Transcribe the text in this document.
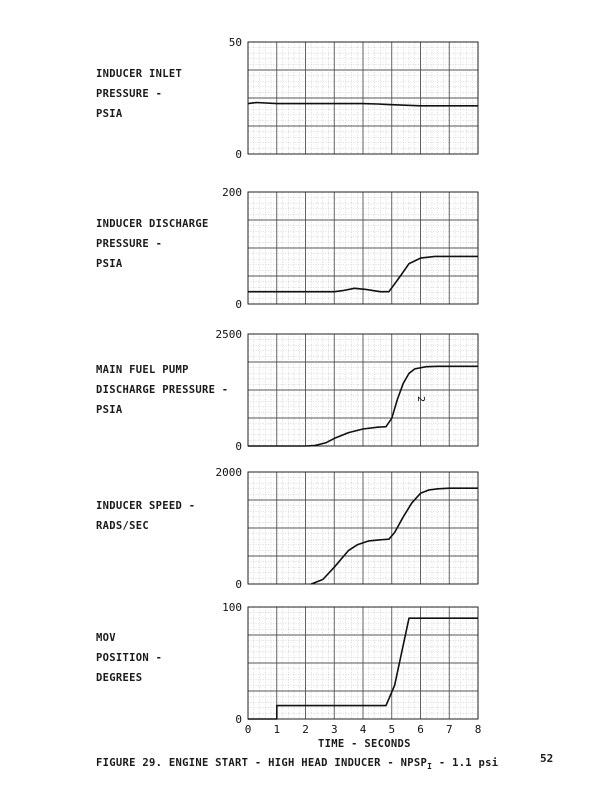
50
0
200
0
2500
0
2
2000
0
100
0
0 1 2 3 4 5 6 7 8
INDUCER INLET
PRESSURE -
PSIA
INDUCER DISCHARGE
PRESSURE -
PSIA
MAIN FUEL PUMP
DISCHARGE PRESSURE -
PSIA
INDUCER SPEED -
RADS/SEC
MOV
POSITION -
DEGREES
TIME - SECONDS
FIGURE 29. ENGINE START - HIGH HEAD INDUCER - $NPSP_I - 1.1$ psi	52
